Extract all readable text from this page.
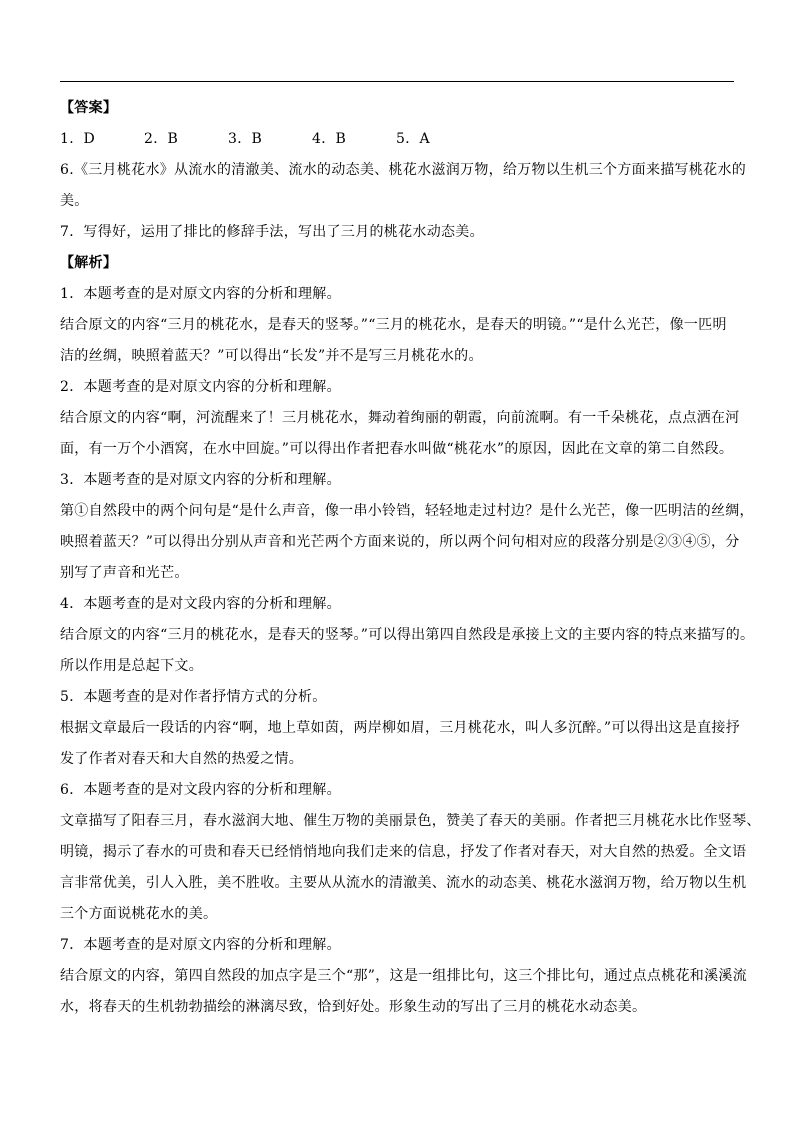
【答案】
1．D	2．B	3．B	4．B	5．A
6.《三月桃花水》从流水的清澈美、流水的动态美、桃花水滋润万物，给万物以生机三个方面来描写桃花水的
美。
7．写得好，运用了排比的修辞手法，写出了三月的桃花水动态美。
【解析】
1．本题考查的是对原文内容的分析和理解。
结合原文的内容“三月的桃花水，是春天的竖琴。”“三月的桃花水，是春天的明镜。”“是什么光芒，像一匹明
洁的丝绸，映照着蓝天？”可以得出“长发”并不是写三月桃花水的。
2．本题考查的是对原文内容的分析和理解。
结合原文的内容“啊，河流醒来了！三月桃花水，舞动着绚丽的朝霞，向前流啊。有一千朵桃花，点点洒在河
面，有一万个小酒窝，在水中回旋。”可以得出作者把春水叫做“桃花水”的原因，因此在文章的第二自然段。
3．本题考查的是对原文内容的分析和理解。
第①自然段中的两个问句是“是什么声音，像一串小铃铛，轻轻地走过村边？是什么光芒，像一匹明洁的丝绸，
映照着蓝天？”可以得出分别从声音和光芒两个方面来说的，所以两个问句相对应的段落分别是②③④⑤，分
别写了声音和光芒。
4．本题考查的是对文段内容的分析和理解。
结合原文的内容“三月的桃花水，是春天的竖琴。”可以得出第四自然段是承接上文的主要内容的特点来描写的。
所以作用是总起下文。
5．本题考查的是对作者抒情方式的分析。
根据文章最后一段话的内容“啊，地上草如茵，两岸柳如眉，三月桃花水，叫人多沉醉。”可以得出这是直接抒
发了作者对春天和大自然的热爱之情。
6．本题考查的是对文段内容的分析和理解。
文章描写了阳春三月，春水滋润大地、催生万物的美丽景色，赞美了春天的美丽。作者把三月桃花水比作竖琴、
明镜，揭示了春水的可贵和春天已经悄悄地向我们走来的信息，抒发了作者对春天，对大自然的热爱。全文语
言非常优美，引人入胜，美不胜收。主要从从流水的清澈美、流水的动态美、桃花水滋润万物，给万物以生机
三个方面说桃花水的美。
7．本题考查的是对原文内容的分析和理解。
结合原文的内容，第四自然段的加点字是三个“那”，这是一组排比句，这三个排比句，通过点点桃花和溪溪流
水，将春天的生机勃勃描绘的淋漓尽致，恰到好处。形象生动的写出了三月的桃花水动态美。
